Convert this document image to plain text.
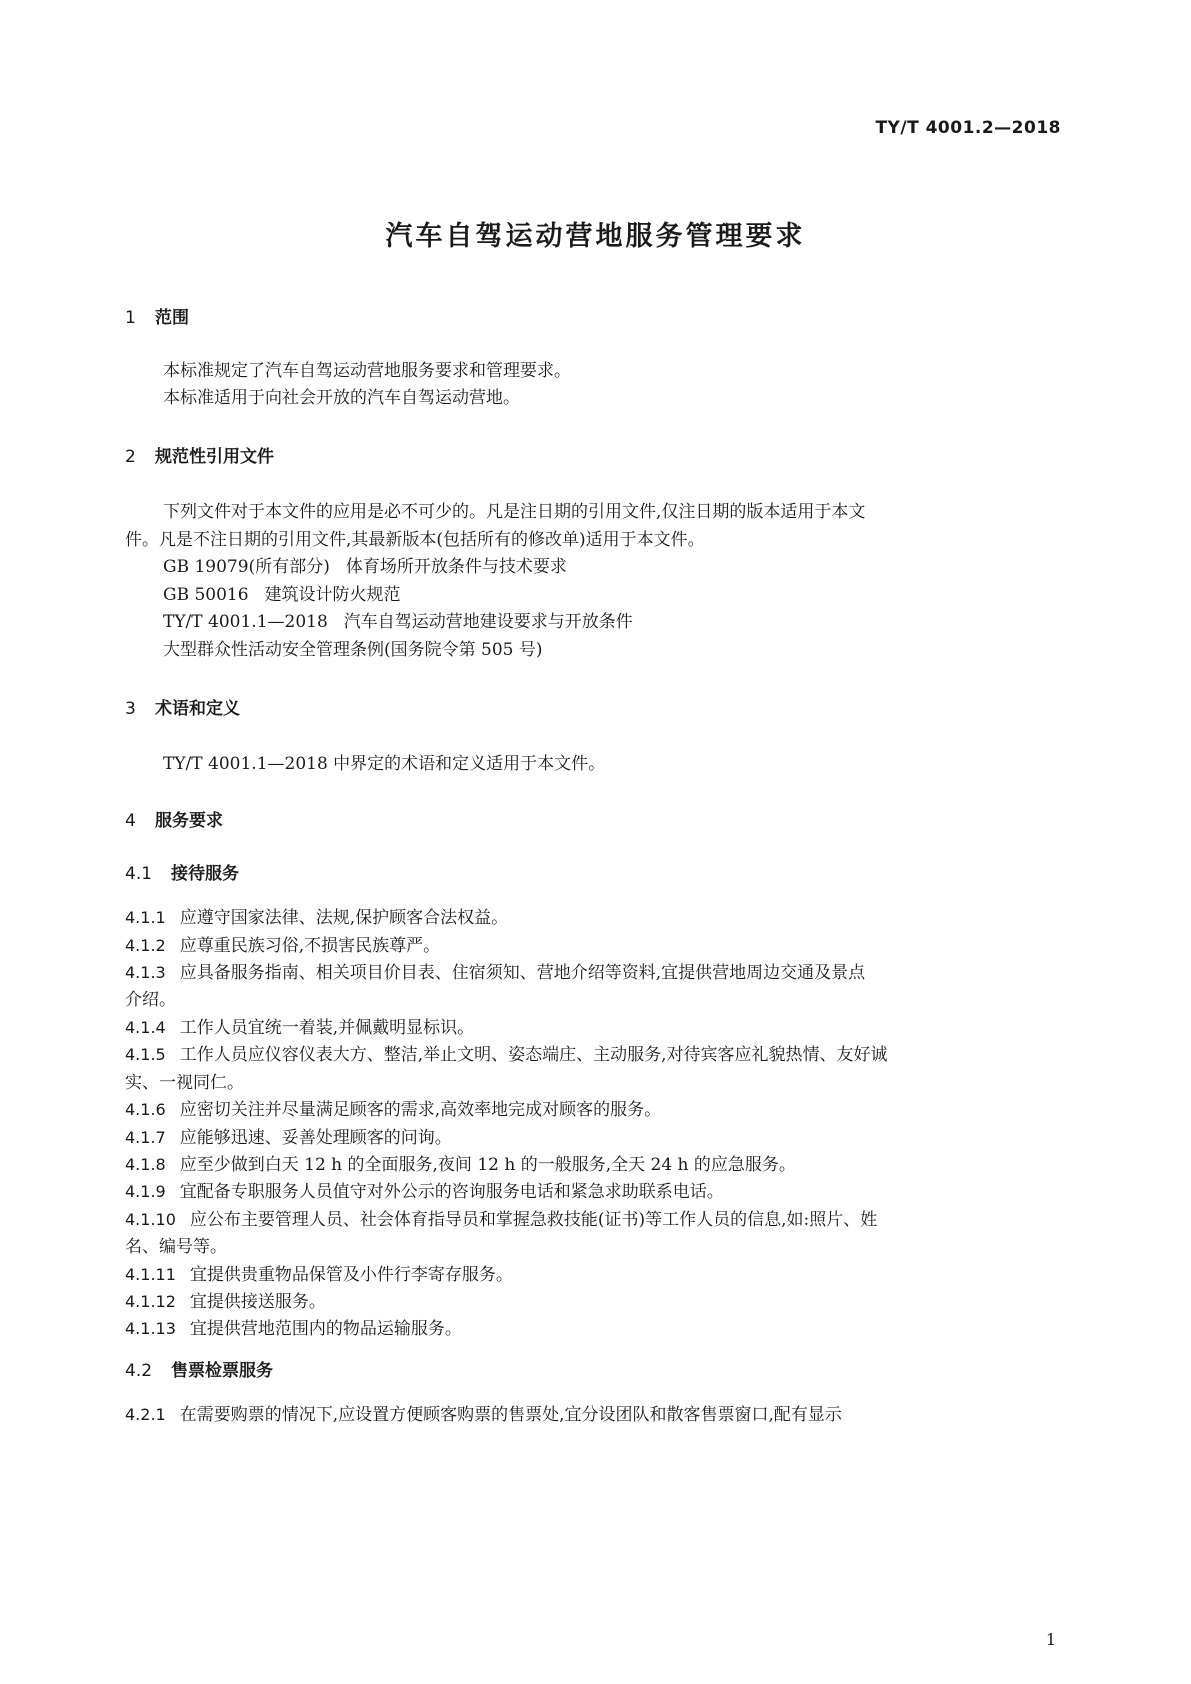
TY/T 4001.2—2018
汽车自驾运动营地服务管理要求
1 范围
本标准规定了汽车自驾运动营地服务要求和管理要求。
本标准适用于向社会开放的汽车自驾运动营地。
2 规范性引用文件
下列文件对于本文件的应用是必不可少的。凡是注日期的引用文件,仅注日期的版本适用于本文
件。凡是不注日期的引用文件,其最新版本(包括所有的修改单)适用于本文件。
GB 19079(所有部分) 体育场所开放条件与技术要求
GB 50016 建筑设计防火规范
TY/T 4001.1—2018 汽车自驾运动营地建设要求与开放条件
大型群众性活动安全管理条例(国务院令第 505 号)
3 术语和定义
TY/T 4001.1—2018 中界定的术语和定义适用于本文件。
4 服务要求
4.1 接待服务
4.1.1 应遵守国家法律、法规,保护顾客合法权益。
4.1.2 应尊重民族习俗,不损害民族尊严。
4.1.3 应具备服务指南、相关项目价目表、住宿须知、营地介绍等资料,宜提供营地周边交通及景点
介绍。
4.1.4 工作人员宜统一着装,并佩戴明显标识。
4.1.5 工作人员应仪容仪表大方、整洁,举止文明、姿态端庄、主动服务,对待宾客应礼貌热情、友好诚
实、一视同仁。
4.1.6 应密切关注并尽量满足顾客的需求,高效率地完成对顾客的服务。
4.1.7 应能够迅速、妥善处理顾客的问询。
4.1.8 应至少做到白天 12 h 的全面服务,夜间 12 h 的一般服务,全天 24 h 的应急服务。
4.1.9 宜配备专职服务人员值守对外公示的咨询服务电话和紧急求助联系电话。
4.1.10 应公布主要管理人员、社会体育指导员和掌握急救技能(证书)等工作人员的信息,如:照片、姓
名、编号等。
4.1.11 宜提供贵重物品保管及小件行李寄存服务。
4.1.12 宜提供接送服务。
4.1.13 宜提供营地范围内的物品运输服务。
4.2 售票检票服务
4.2.1 在需要购票的情况下,应设置方便顾客购票的售票处,宜分设团队和散客售票窗口,配有显示
1
